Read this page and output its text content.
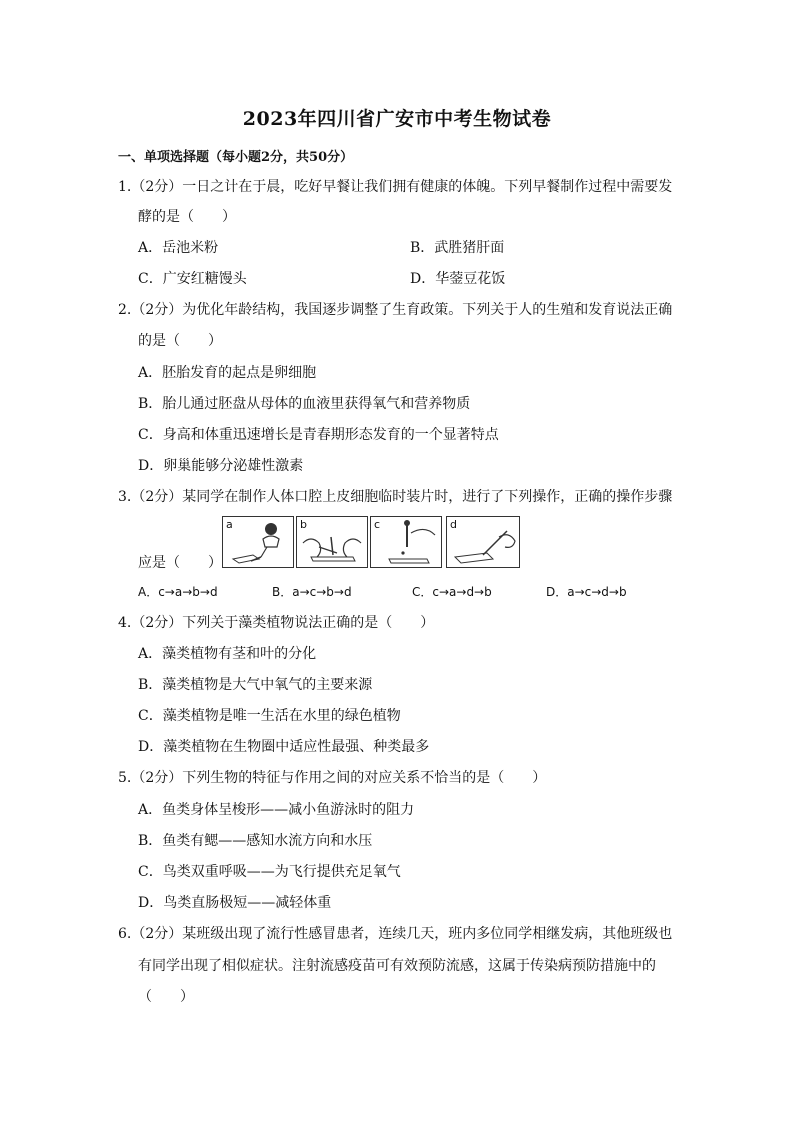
2023年四川省广安市中考生物试卷
一、单项选择题（每小题2分，共50分）
1.（2分）一日之计在于晨，吃好早餐让我们拥有健康的体魄。下列早餐制作过程中需要发
酵的是（　　）
A．岳池米粉	B．武胜猪肝面
C．广安红糖馒头	D．华蓥豆花饭
2.（2分）为优化年龄结构，我国逐步调整了生育政策。下列关于人的生殖和发育说法正确
的是（　　）
A．胚胎发育的起点是卵细胞
B．胎儿通过胚盘从母体的血液里获得氧气和营养物质
C．身高和体重迅速增长是青春期形态发育的一个显著特点
D．卵巢能够分泌雄性激素
3.（2分）某同学在制作人体口腔上皮细胞临时装片时，进行了下列操作，正确的操作步骤
a	b	c	d
应是（　　）
A．c→a→b→d	B．a→c→b→d	C．c→a→d→b	D．a→c→d→b
4.（2分）下列关于藻类植物说法正确的是（　　）
A．藻类植物有茎和叶的分化
B．藻类植物是大气中氧气的主要来源
C．藻类植物是唯一生活在水里的绿色植物
D．藻类植物在生物圈中适应性最强、种类最多
5.（2分）下列生物的特征与作用之间的对应关系不恰当的是（　　）
A．鱼类身体呈梭形——减小鱼游泳时的阻力
B．鱼类有鳃——感知水流方向和水压
C．鸟类双重呼吸——为飞行提供充足氧气
D．鸟类直肠极短——减轻体重
6.（2分）某班级出现了流行性感冒患者，连续几天，班内多位同学相继发病，其他班级也
有同学出现了相似症状。注射流感疫苗可有效预防流感，这属于传染病预防措施中的
（　　）
